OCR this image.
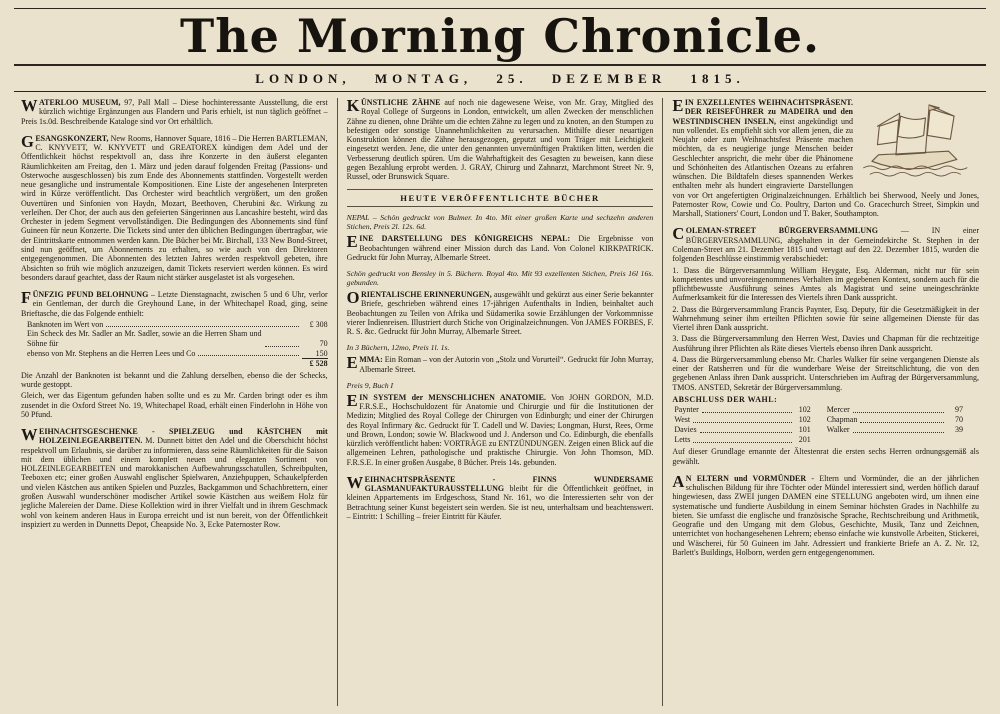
The Morning Chronicle.
LONDON, MONTAG, 25. DEZEMBER 1815.
WATERLOO MUSEUM, 97, Pall Mall – Diese hochinteressante Ausstellung, die erst kürzlich wichtige Ergänzungen aus Flandern und Paris erhielt, ist nun täglich geöffnet – Preis 1s.0d. Beschreibende Kataloge sind vor Ort erhältlich.
GESANGSKONZERT, New Rooms, Hannover Square, 1816 – Die Herren BARTLEMAN, C. KNYVETT, W. KNYVETT und GREATOREX kündigen dem Adel und der Öffentlichkeit höchst respektvoll an, dass ihre Konzerte in den äußerst eleganten Räumlichkeiten am Freitag, den 1. März und jeden darauf folgenden Freitag (Passions- und Osterwoche ausgeschlossen) bis zum Ende des Abonnements stattfinden. Vorgestellt werden neue gesangliche und instrumentale Kompositionen. Eine Liste der angesehenen Interpreten wird in Kürze veröffentlicht. Das Orchester wird beachtlich vergrößert, um den großen Ouvertüren und Sinfonien von Haydn, Mozart, Beethoven, Cherubini &c. Wirkung zu verleihen. Der Chor, der auch aus den gefeierten Sängerinnen aus Lancashire besteht, wird das Orchester in jedem Segment vervollständigen. Die Bedingungen des Abonnements sind fünf Guineen für neun Konzerte. Die Tickets sind unter den üblichen Bedingungen übertragbar, wie der Eintrittskarte entnommen werden kann. Die Bücher bei Mr. Birchall, 133 New Bond-Street, sind nun geöffnet, um Abonnements zu erhalten, so wie auch von den Direktoren entgegengenommen. Die Abonnenten des letzten Jahres werden respektvoll gebeten, ihre Absichten so früh wie möglich anzuzeigen, damit Tickets reserviert werden können. Es wird besonders darauf geachtet, dass der Raum nicht stärker ausgelastet ist als vorgesehen.
FÜNFZIG PFUND BELOHNUNG – Letzte Dienstagnacht, zwischen 5 und 6 Uhr, verlor ein Gentleman, der durch die Greyhound Lane, in der Whitechapel Road, ging, seine Brieftasche, die das Folgende enthielt:
Banknoten im Wert von	£ 308
Ein Scheck des Mr. Sadler an Mr. Sadler, sowie an die Herren Sham und Söhne für	70
ebenso von Mr. Stephens an die Herren Lees und Co	150
£ 528

Die Anzahl der Banknoten ist bekannt und die Zahlung derselben, ebenso die der Schecks, wurde gestoppt.

Gleich, wer das Eigentum gefunden haben sollte und es zu Mr. Carden bringt oder es ihm zusendet in die Oxford Street No. 19, Whitechapel Road, erhält einen Finderlohn in Höhe von 50 Pfund.

WEIHNACHTSGESCHENKE - SPIELZEUG und KÄSTCHEN mit HOLZEINLEGEARBEITEN. M. Dunnett bittet den Adel und die Oberschicht höchst respektvoll um Erlaubnis, sie darüber zu informieren, dass seine Räumlichkeiten für die Saison mit dem üblichen und einem komplett neuen und eleganten Sortiment von HOLZEINLEGEARBEITEN und marokkanischen Aufbewahrungsschatullen, Schreibpulten, Teeboxen etc; einer großen Auswahl englischer Spielwaren, Anziehpuppen, Schaukelpferden und vielen Kästchen aus antiken Spielen und Puzzles, Backgammon und Schachbrettern, einer großen Auswahl wunderschöner modischer Artikel sowie Kästchen aus weißem Holz für jegliche Malereien der Dame. Diese Kollektion wird in ihrer Vielfalt und in ihrem Geschmack wohl von keinem anderen Haus in Europa erreicht und ist nun bereit, von der Öffentlichkeit inspiziert zu werden in Dunnetts Depot, Cheapside No. 3, Ecke Paternoster Row.
KÜNSTLICHE ZÄHNE auf noch nie dagewesene Weise, von Mr. Gray, Mitglied des Royal College of Surgeons in London, entwickelt, um allen Zwecken der menschlichen Zähne zu dienen, ohne Drähte um die echten Zähne zu legen und zu knoten, an den Stumpen zu befestigen oder sonstige Unannehmlichkeiten zu verursachen. Mithilfe dieser neuartigen Konstruktion können die Zähne herausgezogen, geputzt und vom Träger mit Leichtigkeit eingesetzt werden. Jene, die unter den genannten unvernünftigen Praktiken litten, werden die Verbesserung deutlich spüren. Um die Wahrhaftigkeit des Gesagten zu beweisen, kann diese gegen Bezahlung erprobt werden. J. GRAY, Chirurg und Zahnarzt, Marchmont Street Nr. 9, Russel, oder Brunswick Square.
HEUTE VERÖFFENTLICHTE BÜCHER
NEPAL – Schön gedruckt von Bulmer. In 4to. Mit einer großen Karte und sechzehn anderen Stichen, Preis 2l. 12s. 6d.
E INE DARSTELLUNG DES KÖNIGREICHS NEPAL: Die Ergebnisse von Beobachtungen während einer Mission durch das Land. Von Colonel KIRKPATRICK. Gedruckt für John Murray, Albemarle Street.
Schön gedruckt von Bensley in 5. Büchern. Royal 4to. Mit 93 exzellenten Stichen, Preis 16l 16s. gebunden.
O RIENTALISCHE ERINNERUNGEN, ausgewählt und gekürzt aus einer Serie bekannter Briefe, geschrieben während eines 17-jährigen Aufenthalts in Indien, beinhaltet auch Beobachtungen zu Teilen von Afrika und Südamerika sowie Erzählungen der Vorkommnisse vierer Indienreisen. Illustriert durch Stiche von Originalzeichnungen. Von JAMES FORBES, F. R. S. &c. Gedruckt für John Murray, Albemarle Street.
In 3 Büchern, 12mo, Preis 1l. 1s.
E MMA: Ein Roman – von der Autorin von „Stolz und Vorurteil“. Gedruckt für John Murray, Albemarle Street.
Preis 9, Buch I
E IN SYSTEM der MENSCHLICHEN ANATOMIE. Von JOHN GORDON, M.D. F.R.S.E., Hochschuldozent für Anatomie und Chirurgie und für die Institutionen der Medizin; Mitglied des Royal College der Chirurgen von Edinburgh; und einer der Chirurgen des Royal Infirmary &c. Gedruckt für T. Cadell und W. Davies; Longman, Hurst, Rees, Orme und Brown, London; sowie W. Blackwood und J. Anderson und Co. Edinburgh, die ebenfalls kürzlich veröffentlicht haben: VORTRÄGE zu ENTZÜNDUNGEN. Zeigen einen Blick auf die allgemeinen Lehren, pathologische und praktische Chirurgie. Von John Thomson, MD. F.R.S.E. In einer großen Ausgabe, 8 Bücher. Preis 14s. gebunden.
WEIHNACHTSPRÄSENTE - FINNS WUNDERSAME GLASMANUFAKTURAUSSTELLUNG bleibt für die Öffentlichkeit geöffnet, in kleinen Appartements im Erdgeschoss, Stand Nr. 161, wo die Interessierten sehr von der Betrachtung seiner Kunst begeistert sein werden. Sie ist neu, unterhaltsam und beachtenswert. – Eintritt: 1 Schilling – freier Eintritt für Käufer.
EIN EXZELLENTES WEIHNACHTSPRÄSENT. DER REISEFÜHRER zu MADEIRA und den WESTINDISCHEN INSELN, einst angekündigt und nun vollendet. Es empfiehlt sich vor allem jenen, die zu Neujahr oder zum Weihnachtsfest Präsente machen möchten, da es neugierige junge Menschen beider Geschlechter anspricht, die mehr über die Phänomene und Schönheiten des Atlantischen Ozeans zu erfahren wünschen. Die Bildtafeln dieses spannenden Werkes enthalten mehr als hundert eingravierte Darstellungen von vor Ort angefertigten Originalzeichnungen. Erhältlich bei Sherwood, Neely und Jones, Paternoster Row, Cowie und Co. Poultry, Darton und Co. Gracechurch Street, Simpkin und Marshall, Stationers' Court, London und T. Baker, Southampton.
COLEMAN-STREET BÜRGERVERSAMMLUNG	— IN einer BÜRGERVERSAMMLUNG, abgehalten in der Gemeindekirche St. Stephen in der Coleman-Street am 21. Dezember 1815 und vertagt auf den 22. Dezember 1815, wurden die folgenden Beschlüsse einstimmig verabschiedet:

1. Dass die Bürgerversammlung William Heygate, Esq. Alderman, nicht nur für sein kompetentes und unvoreingenommenes Verhalten im gegebenen Kontext, sondern auch für die pflichtbewusste Ausführung seines Amtes als Magistrat und seine uneingeschränkte Aufmerksamkeit für die Interessen des Viertels ihren Dank ausspricht.

2. Dass die Bürgerversammlung Francis Paynter, Esq. Deputy, für die Gesetzmäßigkeit in der Wahrnehmung seiner ihm erteilten Pflichten sowie für seine allgemeinen Dienste für das Viertel ihren Dank ausspricht.

3. Dass die Bürgerversammlung den Herren West, Davies und Chapman für die rechtzeitige Ausführung ihrer Pflichten als Räte dieses Viertels ebenso ihren Dank ausspricht.

4. Dass die Bürgerversammlung ebenso Mr. Charles Walker für seine vergangenen Dienste als einer der Ratsherren und für die wunderbare Weise der Streitschlichtung, die von den gegebenen Anlass ihren Dank ausspricht. Unterschrieben im Auftrag der Bürgerversammlung, TMOS. ANSTED, Sekretär der Bürgerversammlung.

ABSCHLUSS DER WAHL:
Paynter	102 Mercer	97
West	102 Chapman	70
Davies	101 Walker	39
Letts	201

Auf dieser Grundlage ernannte der Ältestenrat die ersten sechs Herren ordnungsgemäß als gewählt.

A N ELTERN und VORMÜNDER - Eltern und Vormünder, die an der jährlichen schulischen Bildung für ihre Töchter oder Mündel interessiert sind, werden höflich darauf hingewiesen, dass ZWEI jungen DAMEN eine STELLUNG angeboten wird, um ihnen eine systematische und fundierte Ausbildung in einem Seminar höchsten Grades in Nachhilfe zu bieten. Sie umfasst die englische und französische Sprache, Rechtschreibung und Arithmetik, Geografie und den Umgang mit dem Globus, Geschichte, Musik, Tanz und Zeichnen, unterrichtet von hochangesehenen Lehrern; ebenso einfache wie kunstvolle Arbeiten, Stickerei, und Wäscherei, für 50 Guineen im Jahr. Adressiert und frankierte Briefe an A. Z. Nr. 12, Barlett's Buildings, Holborn, werden gern entgegengenommen.
